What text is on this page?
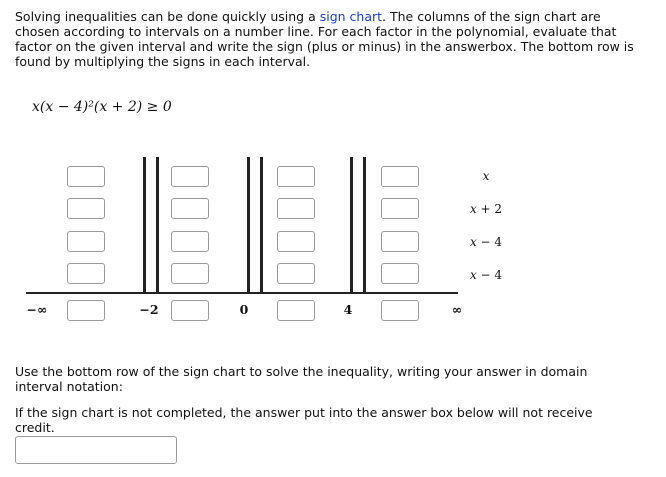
Solving inequalities can be done quickly using a sign chart. The columns of the sign chart are chosen according to intervals on a number line. For each factor in the polynomial, evaluate that factor on the given interval and write the sign (plus or minus) in the answerbox. The bottom row is found by multiplying the signs in each interval.

x(x − 4)²(x + 2) ≥ 0
−∞	−2	0	4	∞
x
x + 2
x − 4
x − 4

Use the bottom row of the sign chart to solve the inequality, writing your answer in domain interval notation:

If the sign chart is not completed, the answer put into the answer box below will not receive credit.
